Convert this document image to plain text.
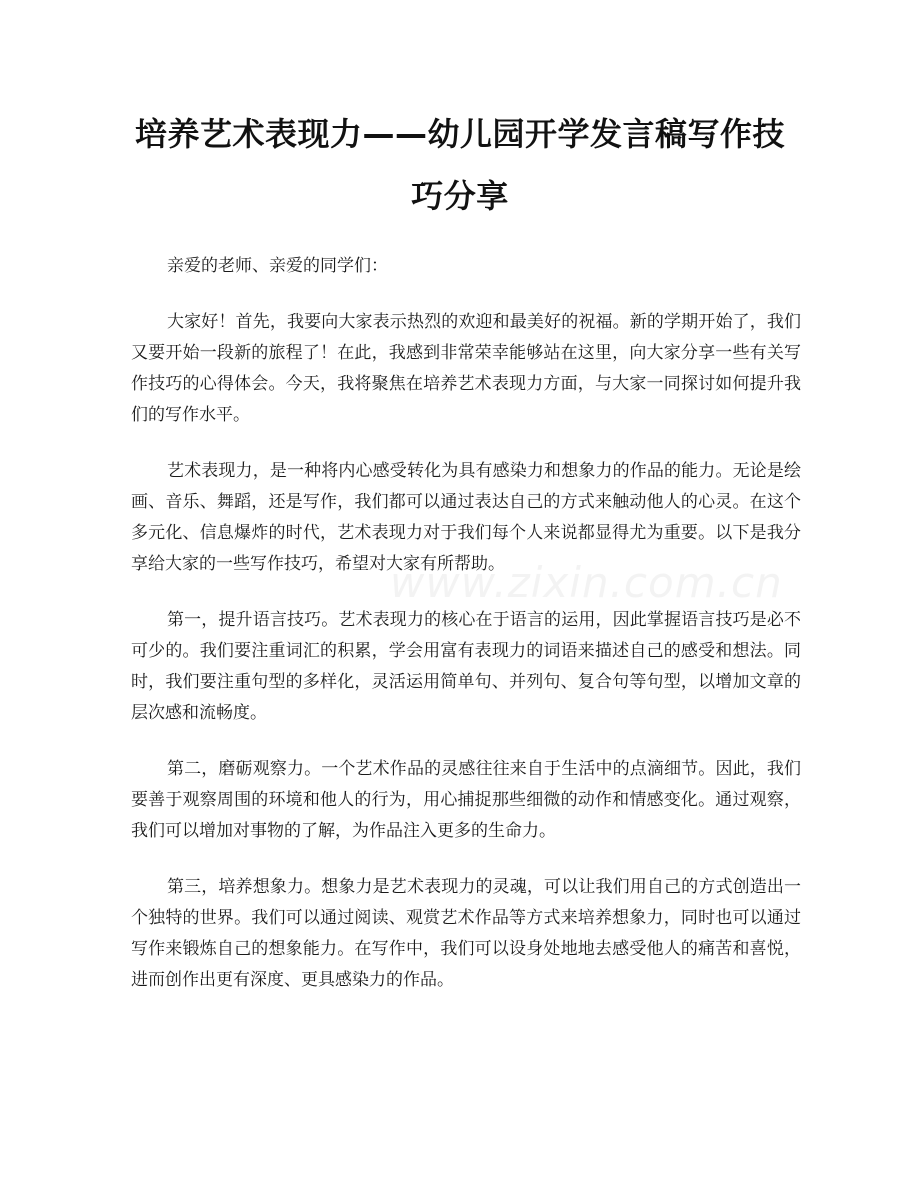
培养艺术表现力——幼儿园开学发言稿写作技巧分享

亲爱的老师、亲爱的同学们：

大家好！首先，我要向大家表示热烈的欢迎和最美好的祝福。新的学期开始了，我们又要开始一段新的旅程了！在此，我感到非常荣幸能够站在这里，向大家分享一些有关写作技巧的心得体会。今天，我将聚焦在培养艺术表现力方面，与大家一同探讨如何提升我们的写作水平。

艺术表现力，是一种将内心感受转化为具有感染力和想象力的作品的能力。无论是绘画、音乐、舞蹈，还是写作，我们都可以通过表达自己的方式来触动他人的心灵。在这个多元化、信息爆炸的时代，艺术表现力对于我们每个人来说都显得尤为重要。以下是我分享给大家的一些写作技巧，希望对大家有所帮助。

第一，提升语言技巧。艺术表现力的核心在于语言的运用，因此掌握语言技巧是必不可少的。我们要注重词汇的积累，学会用富有表现力的词语来描述自己的感受和想法。同时，我们要注重句型的多样化，灵活运用简单句、并列句、复合句等句型，以增加文章的层次感和流畅度。

第二，磨砺观察力。一个艺术作品的灵感往往来自于生活中的点滴细节。因此，我们要善于观察周围的环境和他人的行为，用心捕捉那些细微的动作和情感变化。通过观察，我们可以增加对事物的了解，为作品注入更多的生命力。

第三，培养想象力。想象力是艺术表现力的灵魂，可以让我们用自己的方式创造出一个独特的世界。我们可以通过阅读、观赏艺术作品等方式来培养想象力，同时也可以通过写作来锻炼自己的想象能力。在写作中，我们可以设身处地地去感受他人的痛苦和喜悦，进而创作出更有深度、更具感染力的作品。

www.zixin.com.cn
